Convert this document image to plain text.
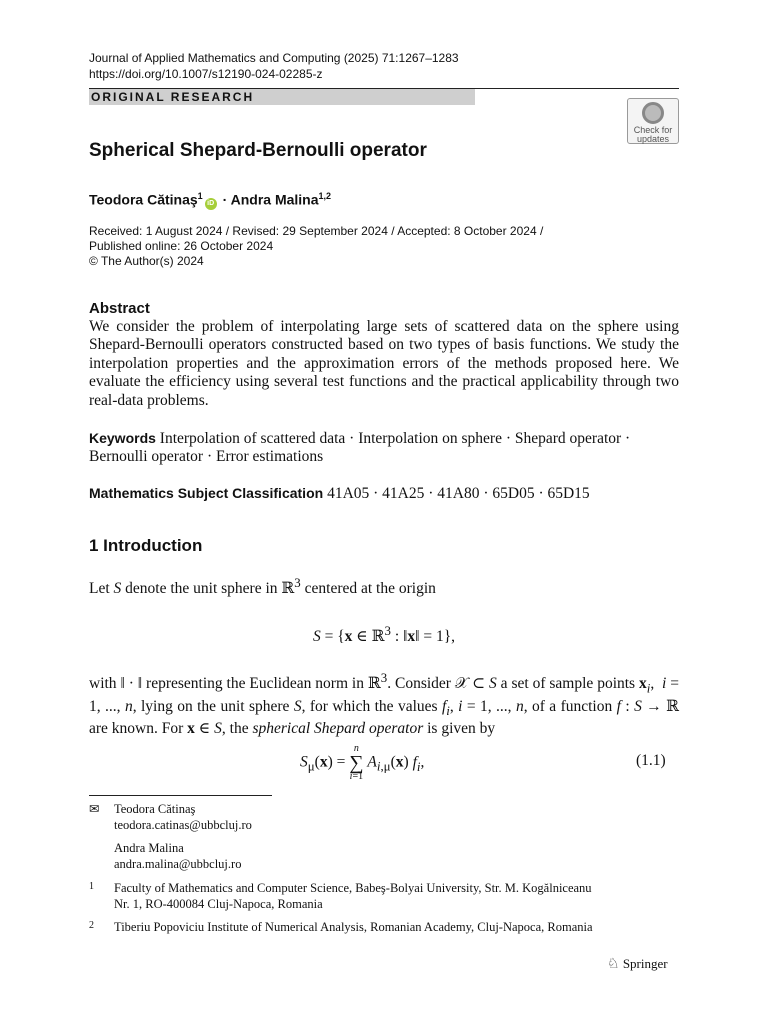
Journal of Applied Mathematics and Computing (2025) 71:1267–1283
https://doi.org/10.1007/s12190-024-02285-z
ORIGINAL RESEARCH
Check for
updates
Spherical Shepard-Bernoulli operator
Teodora Cătinaş$^1$iD · Andra Malina$^{1,2}$
Received: 1 August 2024 / Revised: 29 September 2024 / Accepted: 8 October 2024 /
Published online: 26 October 2024
© The Author(s) 2024
Abstract
We consider the problem of interpolating large sets of scattered data on the sphere using Shepard-Bernoulli operators constructed based on two types of basis functions. We study the interpolation properties and the approximation errors of the methods proposed here. We evaluate the efficiency using several test functions and the practical applicability through two real-data problems.
Keywords Interpolation of scattered data · Interpolation on sphere · Shepard operator · Bernoulli operator · Error estimations
Mathematics Subject Classification 41A05 · 41A25 · 41A80 · 65D05 · 65D15
1 Introduction
Let S denote the unit sphere in ℝ$^3$ centered at the origin
S = {x ∈ ℝ$^3$ : ‖x‖ = 1},
with ‖ · ‖ representing the Euclidean norm in ℝ$^3$. Consider 𝒳 ⊂ S a set of sample points $x_i$,  i = 1, ..., n, lying on the unit sphere S, for which the values $f_i$, i = 1, ..., n, of a function f : S → ℝ are known. For x ∈ S, the spherical Shepard operator is given by
$S_\mu(x)$ =
n
∑
i=1
$A_{i,\mu}(x)$ $f_i$,	(1.1)
✉ Teodora Cătinaş
teodora.catinas@ubbcluj.ro
Andra Malina
andra.malina@ubbcluj.ro
1 Faculty of Mathematics and Computer Science, Babeş-Bolyai University, Str. M. Kogălniceanu
Nr. 1, RO-400084 Cluj-Napoca, Romania
2 Tiberiu Popoviciu Institute of Numerical Analysis, Romanian Academy, Cluj-Napoca, Romania
♘ Springer
